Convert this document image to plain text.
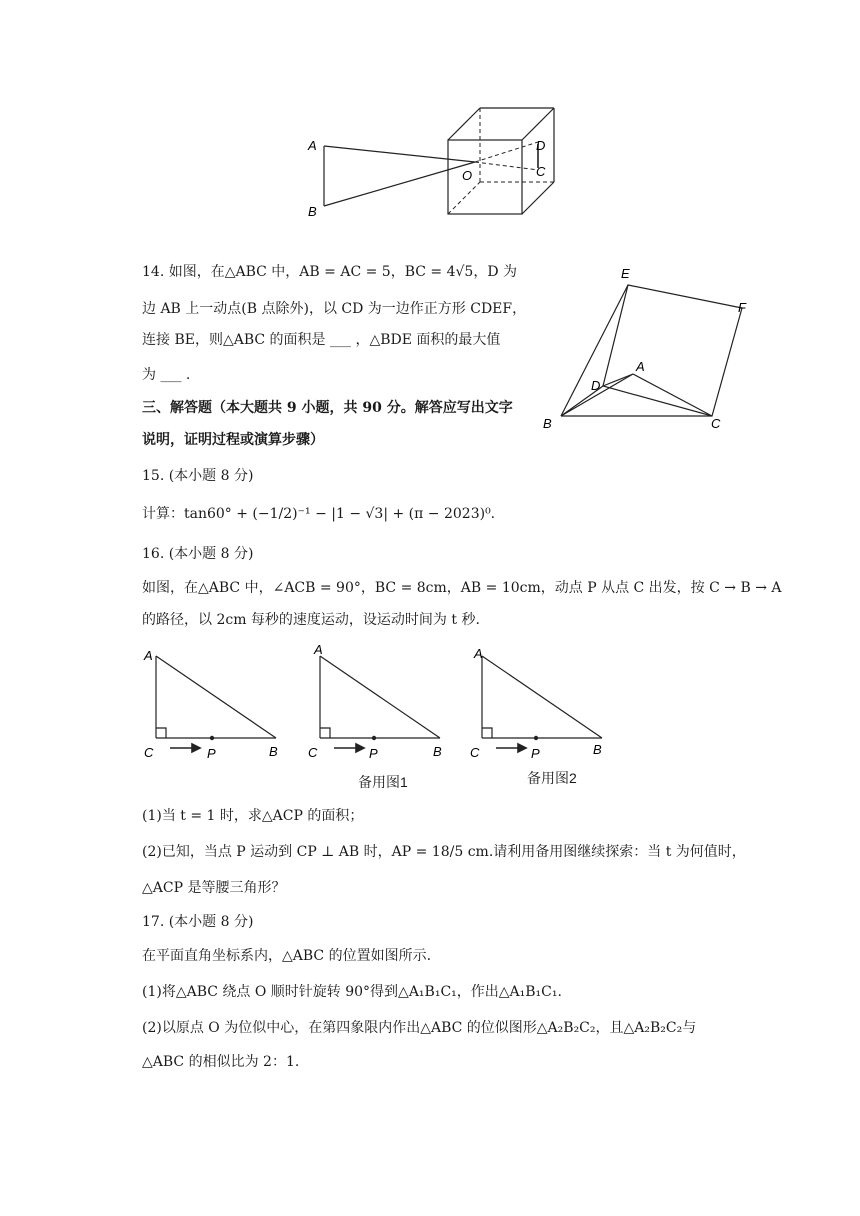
A
B
O
D
C
E
F
A
D
B	C
14. 如图，在△ABC 中，AB = AC = 5，BC = 4√5，D 为
边 AB 上一动点(B 点除外)，以 CD 为一边作正方形 CDEF，
连接 BE，则△ABC 的面积是 ___ ，△BDE 面积的最大值
为 ___ .
三、解答题（本大题共 9 小题，共 90 分。解答应写出文字
说明，证明过程或演算步骤）
15. (本小题 8 分)
计算：tan60° + (−1/2)⁻¹ − |1 − √3| + (π − 2023)⁰.
16. (本小题 8 分)
如图，在△ABC 中，∠ACB = 90°，BC = 8cm，AB = 10cm，动点 P 从点 C 出发，按 C → B → A
的路径，以 2cm 每秒的速度运动，设运动时间为 t 秒.
A
C	P	B
A
C	P	B
A
C	P	B
备用图1	备用图2
(1)当 t = 1 时，求△ACP 的面积；
(2)已知，当点 P 运动到 CP ⊥ AB 时，AP = 18/5 cm.请利用备用图继续探索：当 t 为何值时，
△ACP 是等腰三角形？
17. (本小题 8 分)
在平面直角坐标系内，△ABC 的位置如图所示.
(1)将△ABC 绕点 O 顺时针旋转 90°得到△A₁B₁C₁，作出△A₁B₁C₁.
(2)以原点 O 为位似中心，在第四象限内作出△ABC 的位似图形△A₂B₂C₂，且△A₂B₂C₂与
△ABC 的相似比为 2：1.
